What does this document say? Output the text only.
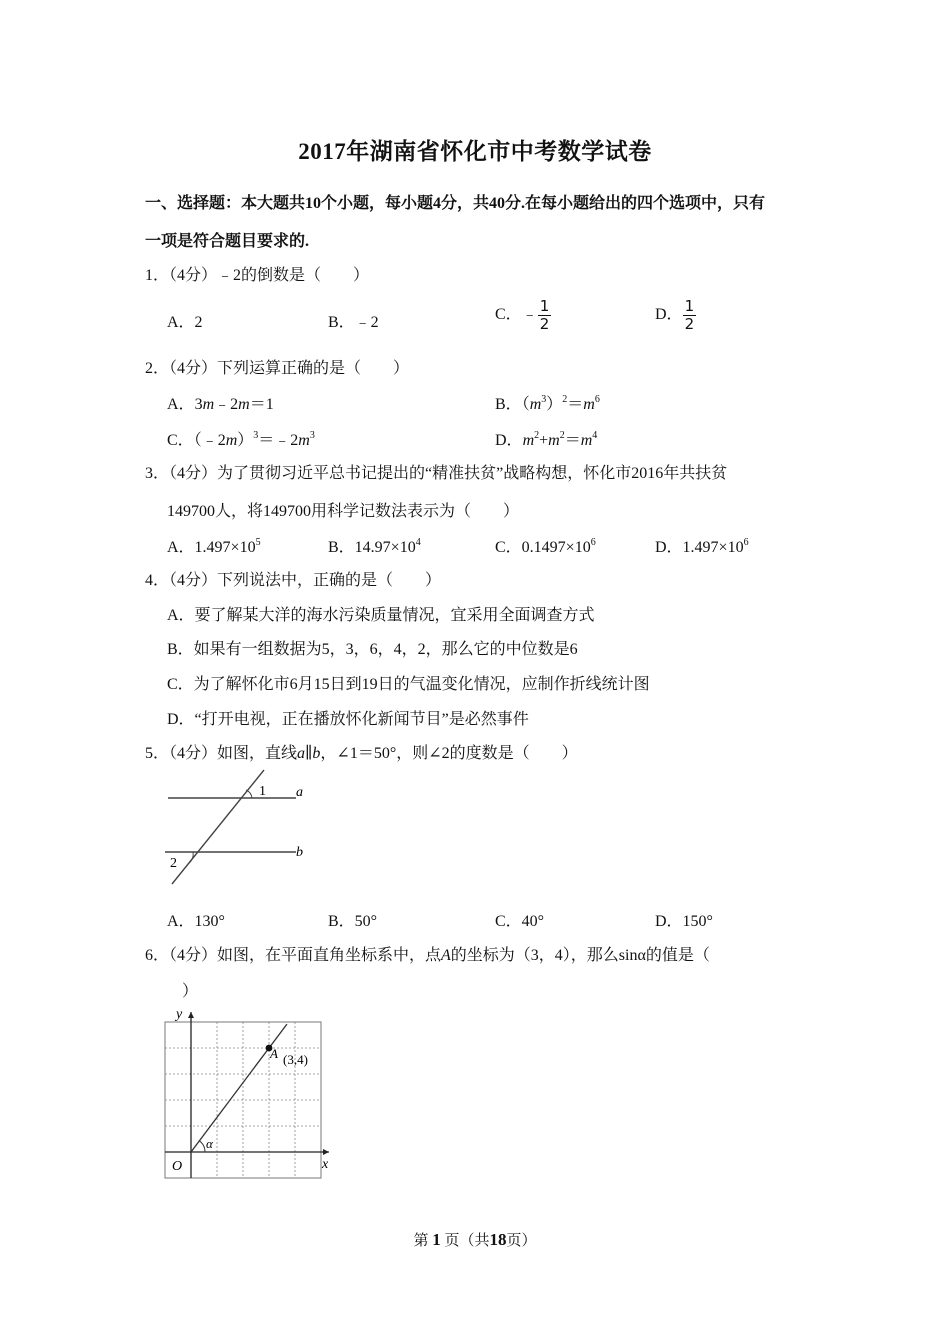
2017年湖南省怀化市中考数学试卷
一、选择题：本大题共10个小题，每小题4分，共40分.在每小题给出的四个选项中，只有
一项是符合题目要求的.
1．（4分）﹣2的倒数是（　　）
A．2	B．﹣2	C．﹣ $\frac{1}{2}$	D． $\frac{1}{2}$
2．（4分）下列运算正确的是（　　）
A．3m﹣2m＝1	B．$(m^3)^2=m^6$
C．$(﹣2m)^3=﹣2m^3$	D．$m^2+m^2=m^4$
3．（4分）为了贯彻习近平总书记提出的“精准扶贫”战略构想，怀化市2016年共扶贫
149700人，将149700用科学记数法表示为（　　）
A．$1.497\times 10^5$	B．$14.97\times 10^4$	C．$0.1497\times 10^6$	D．$1.497\times 10^6$
4．（4分）下列说法中，正确的是（　　）
A．要了解某大洋的海水污染质量情况，宜采用全面调查方式
B．如果有一组数据为5，3，6，4，2，那么它的中位数是6
C．为了解怀化市6月15日到19日的气温变化情况，应制作折线统计图
D．“打开电视，正在播放怀化新闻节目”是必然事件
5．（4分）如图，直线a∥b，∠1＝50°，则∠2的度数是（　　）
1
2
a
b
A．130°	B．50°	C．40°	D．150°
6．（4分）如图，在平面直角坐标系中，点A的坐标为（3，4），那么sinα的值是（
）
y
x
O
A (3,4)
α
第 1 页（共18页）
